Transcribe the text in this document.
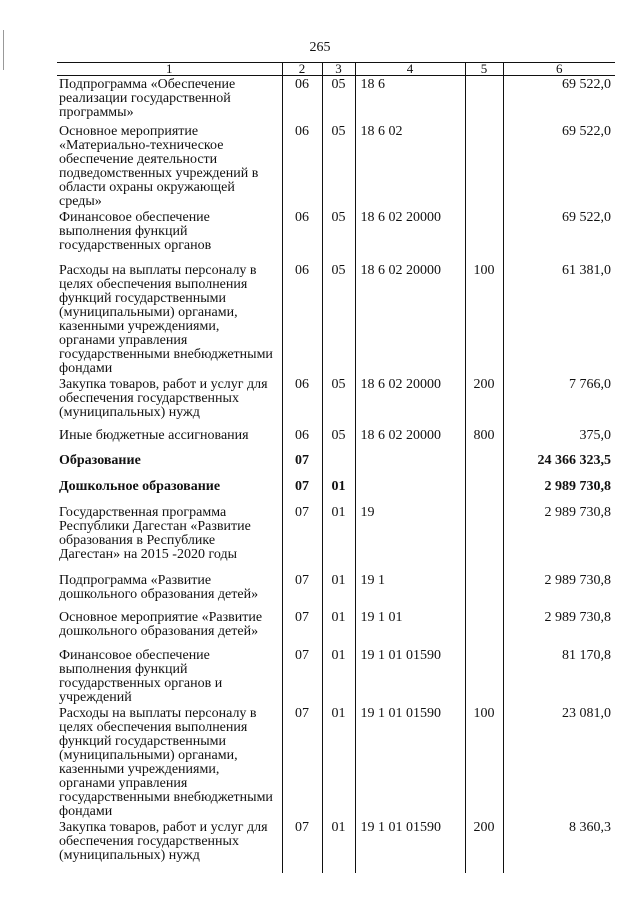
265
1	2	3	4	5	6
Подпрограмма «Обеспечение реализации государственной программы»	06	05	18 6		69 522,0
Основное мероприятие «Материально-техническое обеспечение деятельности подведомственных учреждений в области охраны окружающей среды»	06	05	18 6 02		69 522,0
Финансовое обеспечение выполнения функций государственных органов	06	05	18 6 02 20000		69 522,0
Расходы на выплаты персоналу в целях обеспечения выполнения функций государственными (муниципальными) органами, казенными учреждениями, органами управления государственными внебюджетными фондами	06	05	18 6 02 20000	100	61 381,0
Закупка товаров, работ и услуг для обеспечения государственных (муниципальных) нужд	06	05	18 6 02 20000	200	7 766,0
Иные бюджетные ассигнования	06	05	18 6 02 20000	800	375,0
Образование	07				24 366 323,5
Дошкольное образование	07	01			2 989 730,8
Государственная программа Республики Дагестан «Развитие образования в Республике Дагестан» на 2015 -2020 годы	07	01	19		2 989 730,8
Подпрограмма «Развитие дошкольного образования детей»	07	01	19 1		2 989 730,8
Основное мероприятие «Развитие дошкольного образования детей»	07	01	19 1 01		2 989 730,8
Финансовое обеспечение выполнения функций государственных органов и учреждений	07	01	19 1 01 01590		81 170,8
Расходы на выплаты персоналу в целях обеспечения выполнения функций государственными (муниципальными) органами, казенными учреждениями, органами управления государственными внебюджетными фондами	07	01	19 1 01 01590	100	23 081,0
Закупка товаров, работ и услуг для обеспечения государственных (муниципальных) нужд	07	01	19 1 01 01590	200	8 360,3
